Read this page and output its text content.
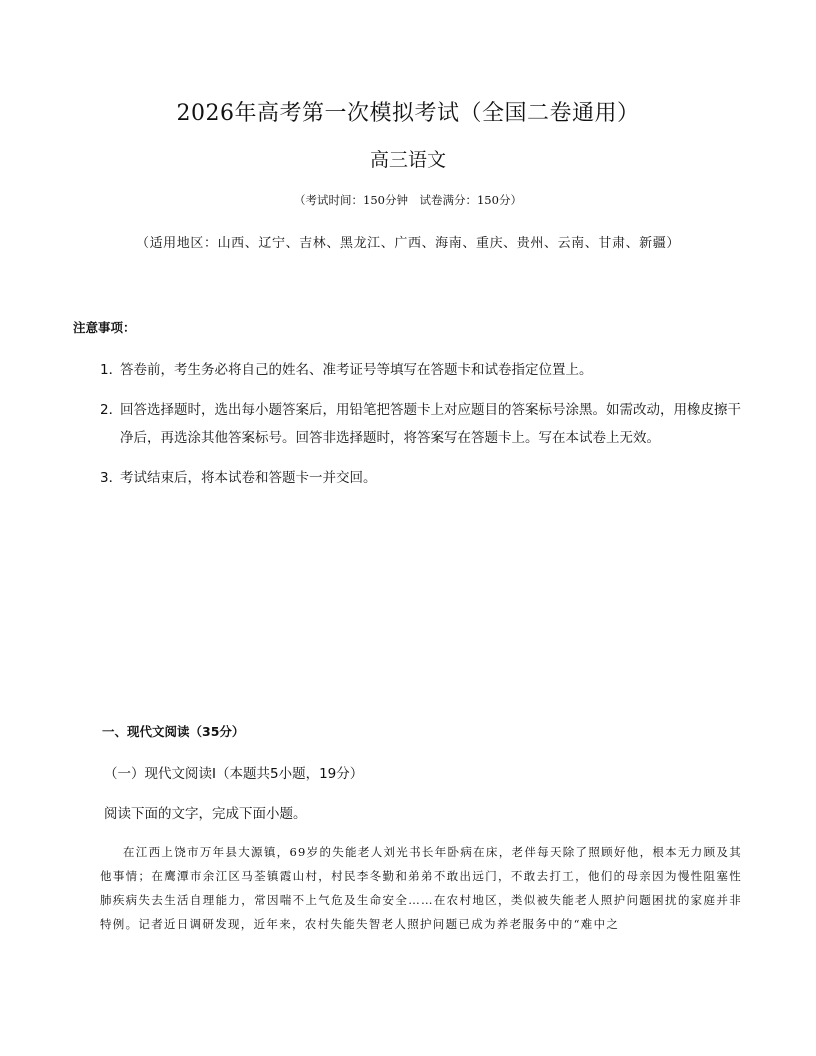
2026年高考第一次模拟考试（全国二卷通用）
高三语文
（考试时间：150分钟　试卷满分：150分）
（适用地区：山西、辽宁、吉林、黑龙江、广西、海南、重庆、贵州、云南、甘肃、新疆）
注意事项：
1．
答卷前，考生务必将自己的姓名、准考证号等填写在答题卡和试卷指定位置上。
2．
回答选择题时，选出每小题答案后，用铅笔把答题卡上对应题目的答案标号涂黑。如需改动，用橡皮擦干净后，再选涂其他答案标号。回答非选择题时，将答案写在答题卡上。写在本试卷上无效。
3．
考试结束后，将本试卷和答题卡一并交回。
一、现代文阅读（35分）
（一）现代文阅读Ⅰ（本题共5小题，19分）
阅读下面的文字，完成下面小题。

在江西上饶市万年县大源镇，69岁的失能老人刘光书长年卧病在床，老伴每天除了照顾好他，根本无力顾及其他事情；在鹰潭市余江区马荃镇霞山村，村民李冬勤和弟弟不敢出远门，不敢去打工，他们的母亲因为慢性阻塞性肺疾病失去生活自理能力，常因喘不上气危及生命安全……在农村地区，类似被失能老人照护问题困扰的家庭并非特例。记者近日调研发现，近年来，农村失能失智老人照护问题已成为养老服务中的“难中之
